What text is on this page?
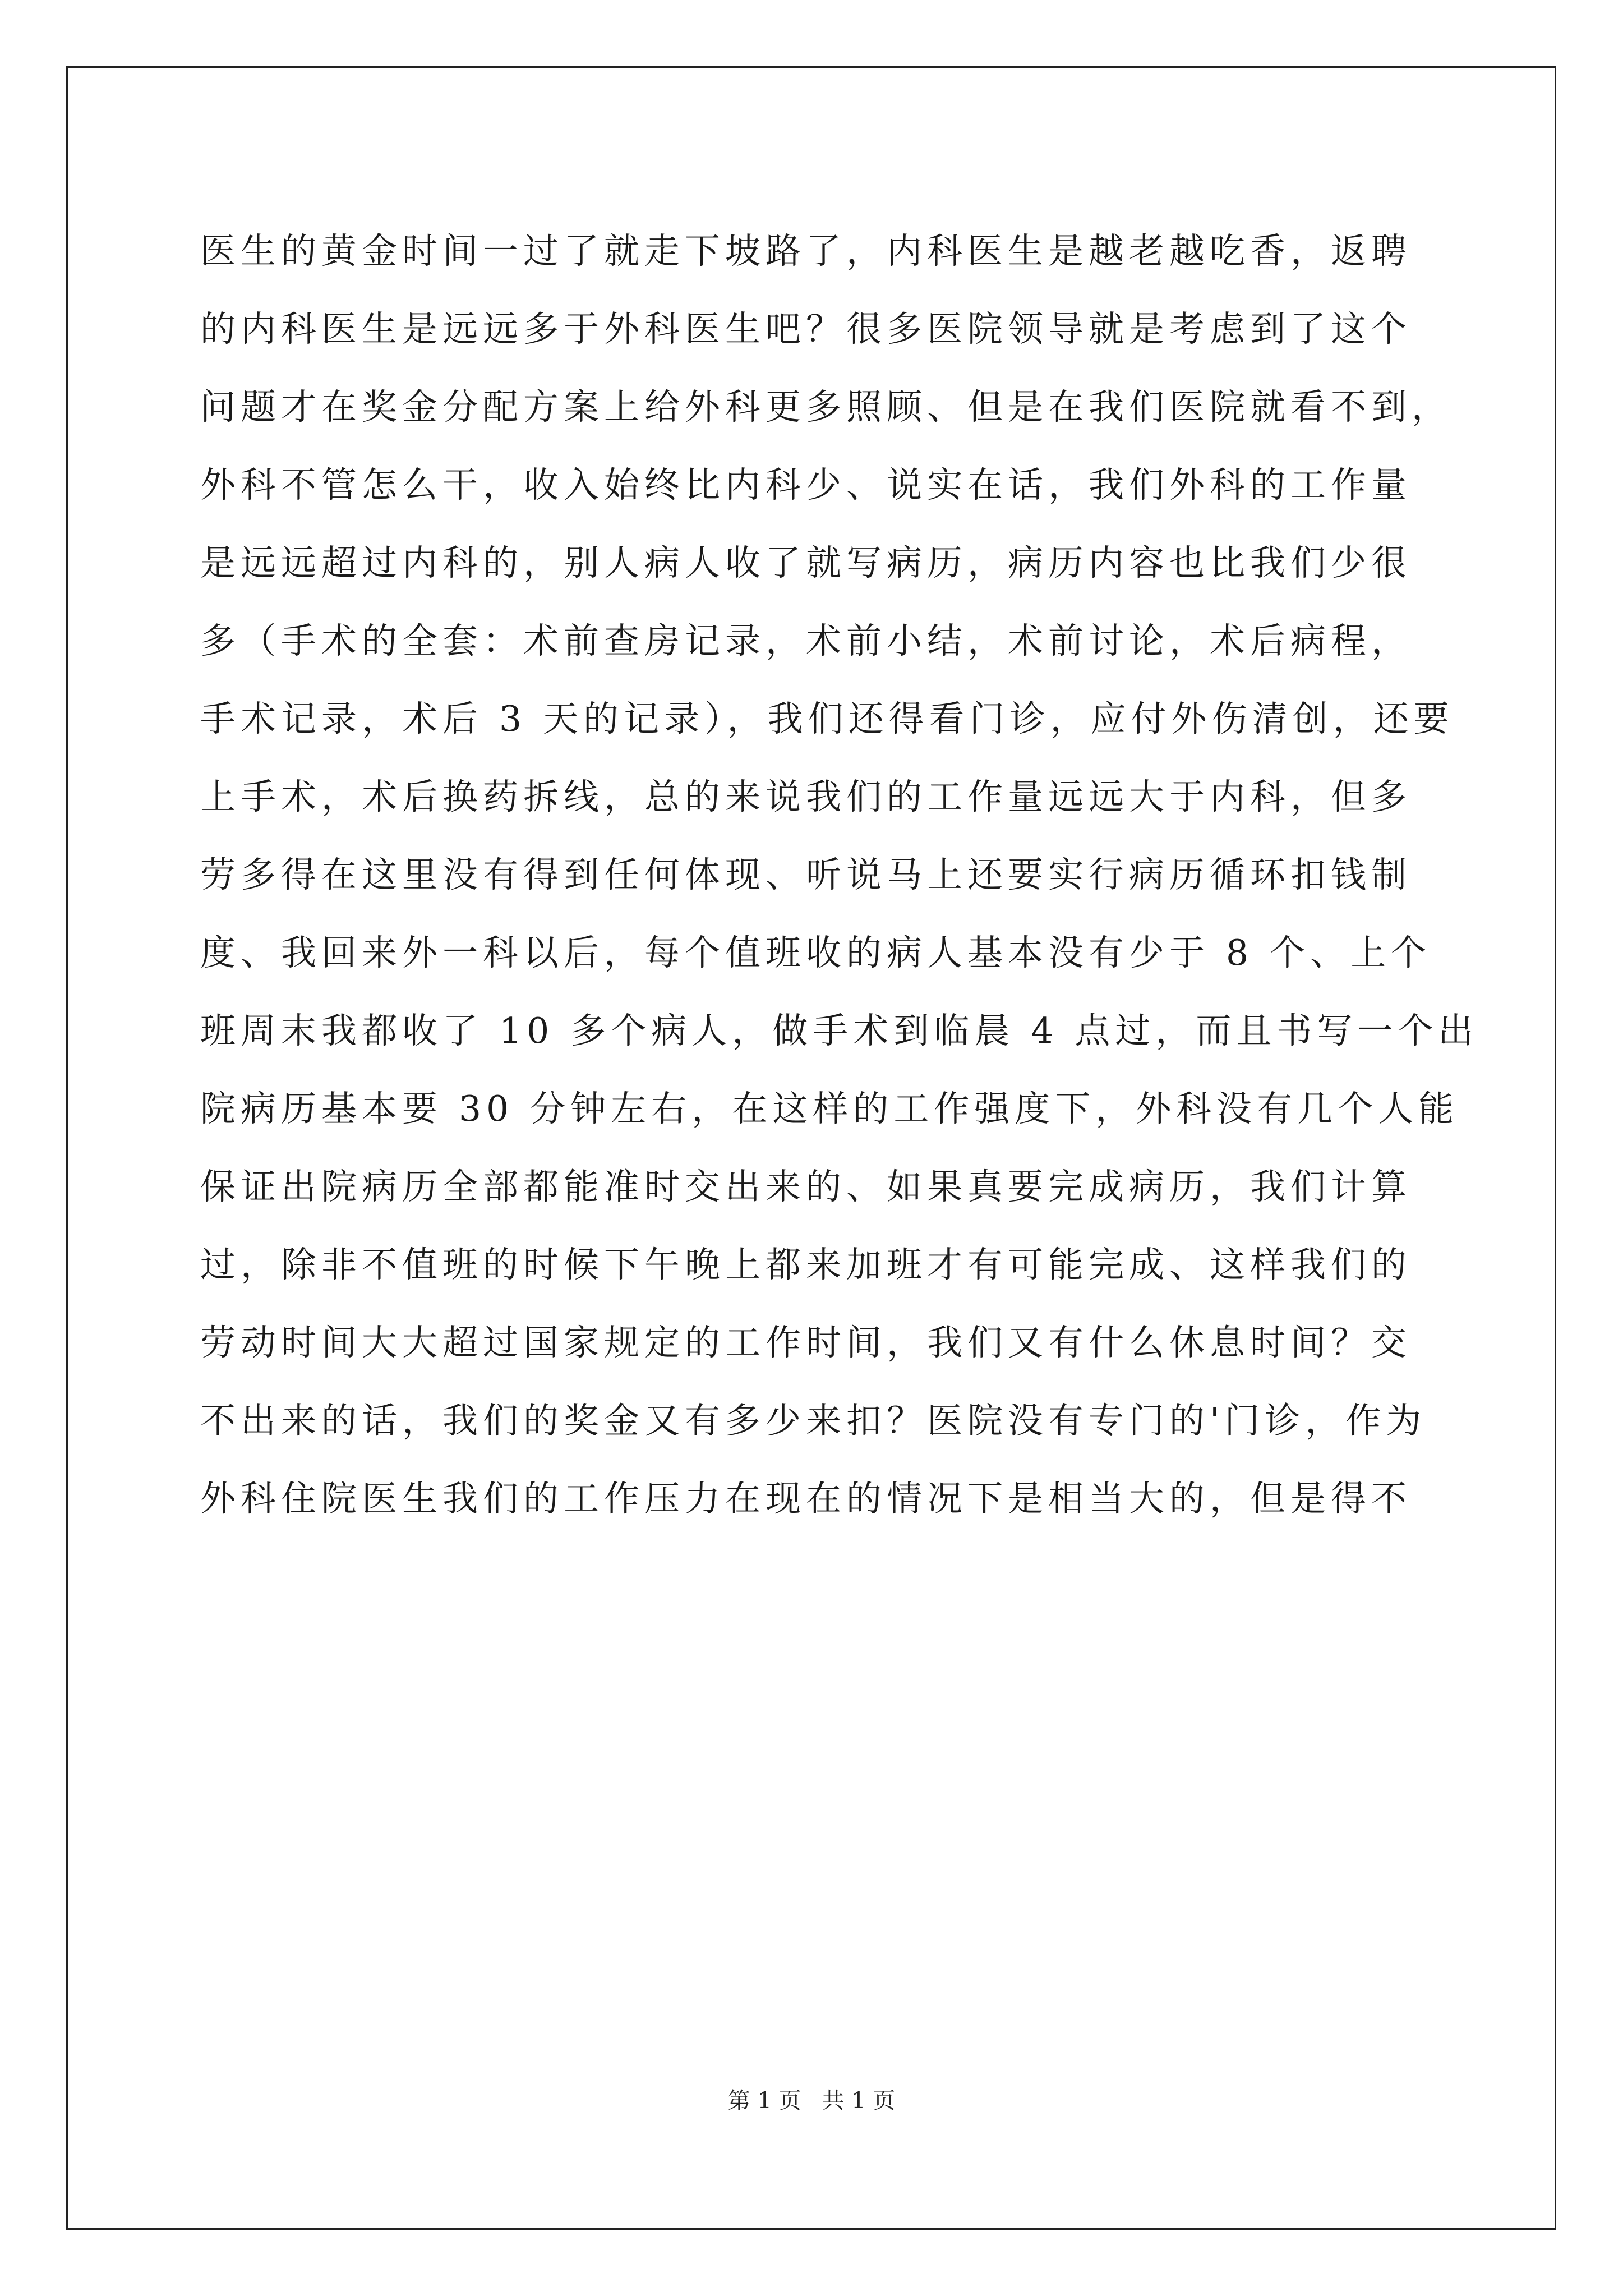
医生的黄金时间一过了就走下坡路了，内科医生是越老越吃香，返聘
的内科医生是远远多于外科医生吧？很多医院领导就是考虑到了这个
问题才在奖金分配方案上给外科更多照顾、但是在我们医院就看不到，
外科不管怎么干，收入始终比内科少、说实在话，我们外科的工作量
是远远超过内科的，别人病人收了就写病历，病历内容也比我们少很
多（手术的全套：术前查房记录，术前小结，术前讨论，术后病程，
手术记录，术后 3 天的记录），我们还得看门诊，应付外伤清创，还要
上手术，术后换药拆线，总的来说我们的工作量远远大于内科，但多
劳多得在这里没有得到任何体现、听说马上还要实行病历循环扣钱制
度、我回来外一科以后，每个值班收的病人基本没有少于 8 个、上个
班周末我都收了 10 多个病人，做手术到临晨 4 点过，而且书写一个出
院病历基本要 30 分钟左右，在这样的工作强度下，外科没有几个人能
保证出院病历全部都能准时交出来的、如果真要完成病历，我们计算
过，除非不值班的时候下午晚上都来加班才有可能完成、这样我们的
劳动时间大大超过国家规定的工作时间，我们又有什么休息时间？交
不出来的话，我们的奖金又有多少来扣？医院没有专门的'门诊，作为
外科住院医生我们的工作压力在现在的情况下是相当大的，但是得不
第 1 页 共 1 页
